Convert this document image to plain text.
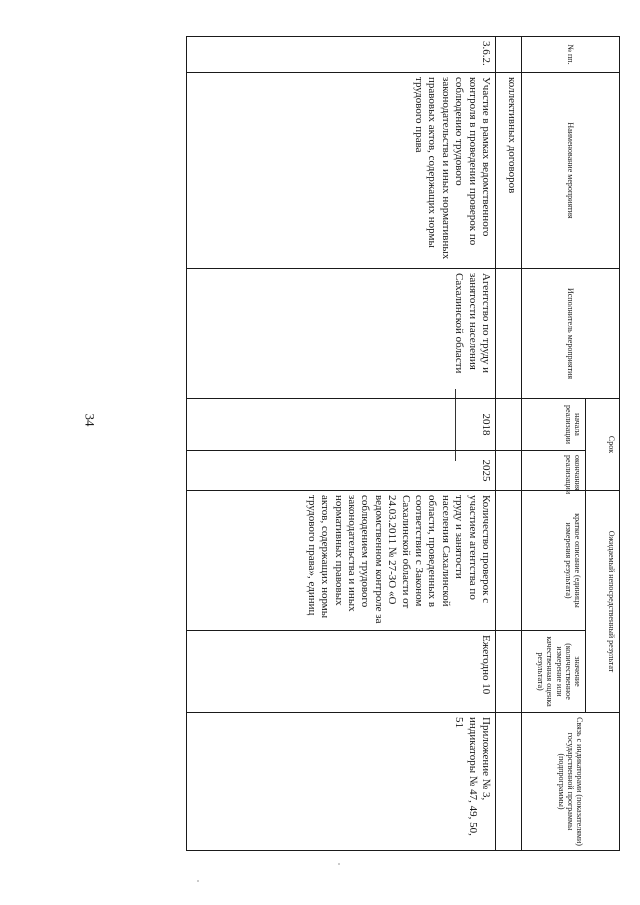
34
№ пп.	Наименование мероприятия	Исполнитель мероприятия	Срок		Ожидаемый непосредственный результат		Связь с индикаторами (показателями) государственной программы (подпрограммы)
			начала реализации	окончания реализации	краткое описание (единицы измерения результата)	значение (количественное измерение или качественная оценка результата)	
	коллективных договоров						
3.6.2.	Участие в рамках ведомственного контроля в проведении проверок по соблюдению трудового законодательства и иных нормативных правовых актов, содержащих нормы трудового права	Агентство по труду и занятости населения Сахалинской области	2018	2025	Количество проверок с участием агентства по труду и занятости населения Сахалинской области, проведенных в соответствии с Законом Сахалинской области от 24.03.2011 № 27-ЗО «О ведомственном контроле за соблюдением трудового законодательства и иных нормативных правовых актов, содержащих нормы трудового права», единиц	Ежегодно 10	Приложение № 3, индикаторы № 47, 49, 50, 51
